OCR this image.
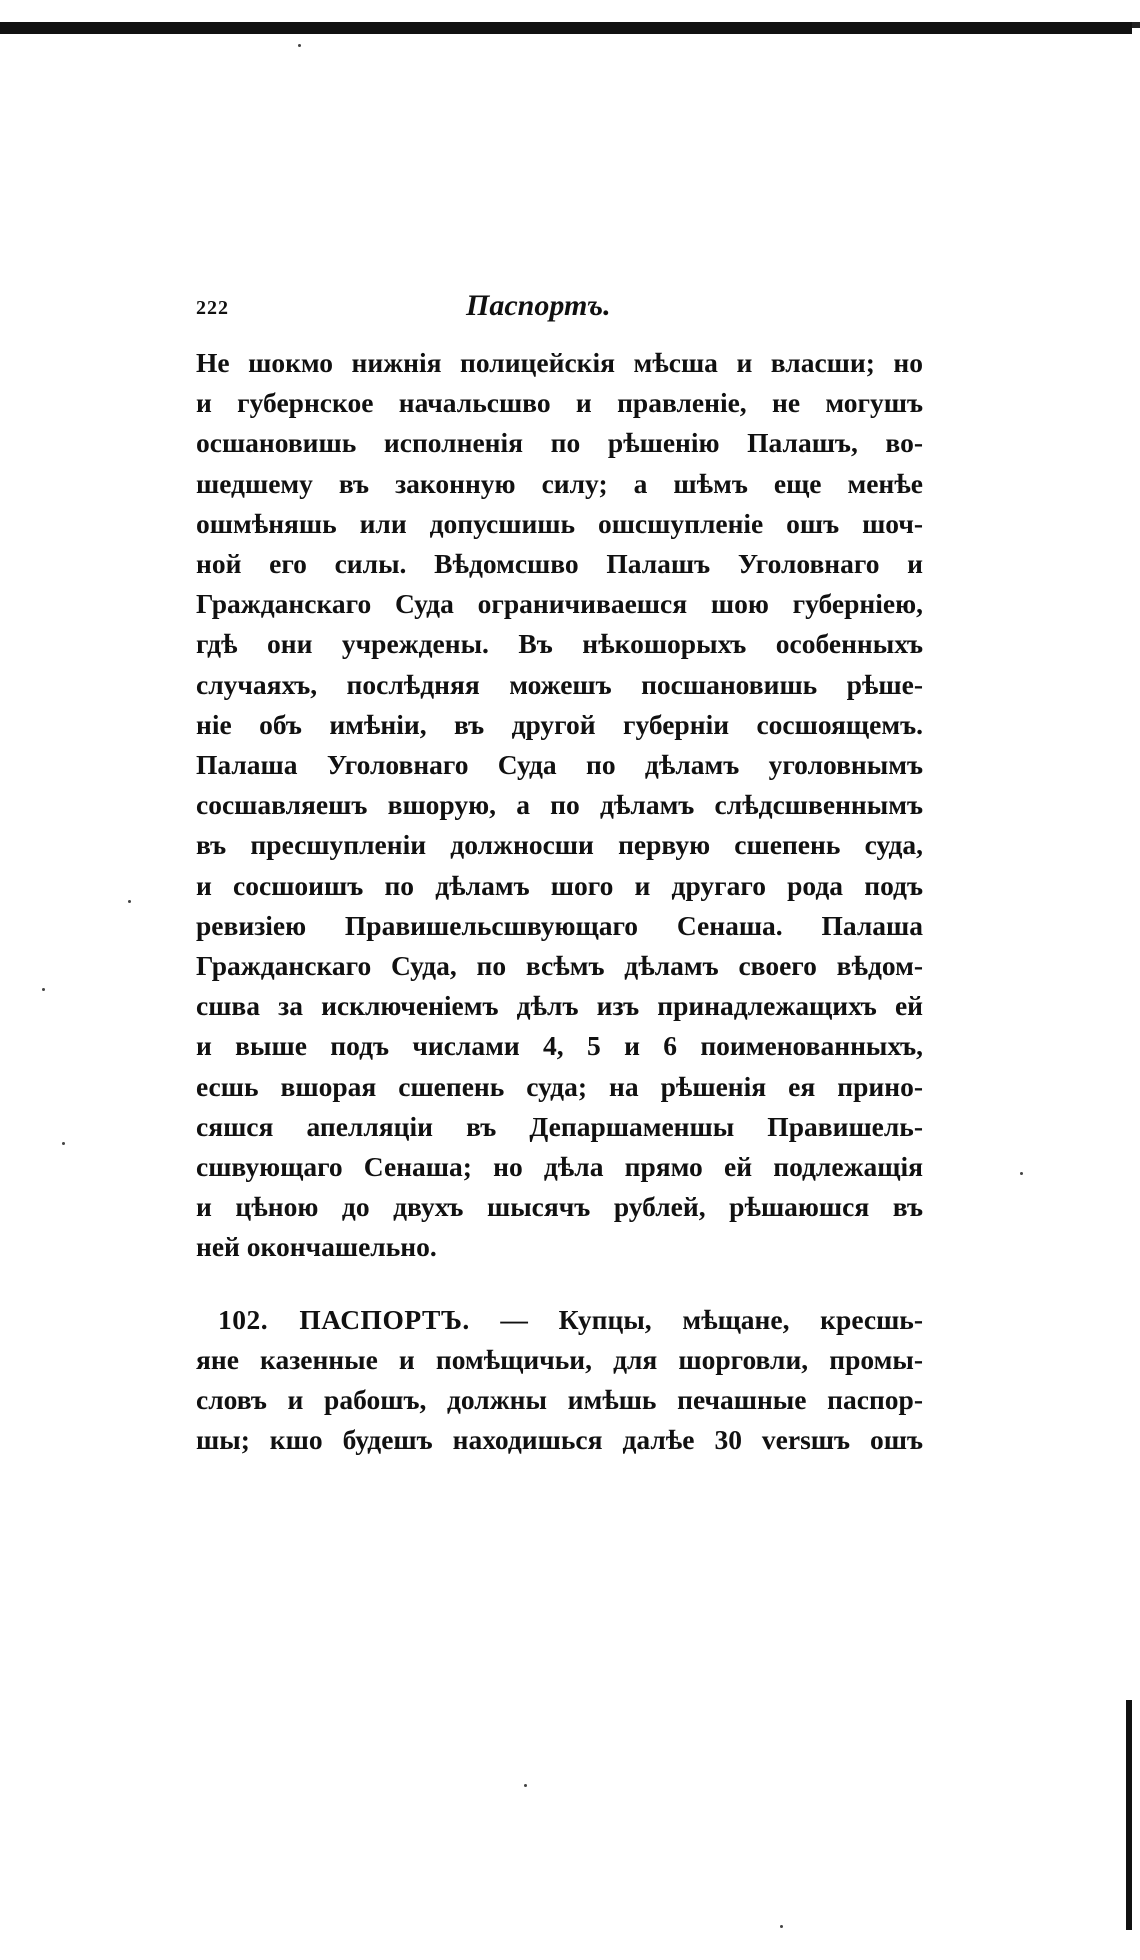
222	Паспортъ.

Не шокмо нижнія полицейскія мѣсша и власши; но
и губернское начальсшво и правленіе, не могушъ
осшановишь исполненія по рѣшенію Палашъ, во-
шедшему въ законную силу; а шѣмъ еще менѣе
ошмѣняшь или допусшишь ошсшупленіе ошъ шоч-
ной его силы. Вѣдомсшво Палашъ Уголовнаго и
Гражданскаго Суда ограничиваешся шою губерніею,
гдѣ они учреждены. Въ нѣкошорыхъ особенныхъ
случаяхъ, послѣдняя можешъ посшановишь рѣше-
ніе объ имѣніи, въ другой губерніи сосшоящемъ.
Палаша Уголовнаго Суда по дѣламъ уголовнымъ
сосшавляешъ вшорую, а по дѣламъ слѣдсшвеннымъ
въ пресшупленіи должносши первую сшепень суда,
и сосшоишъ по дѣламъ шого и другаго рода подъ
ревизіею Правишельсшвующаго Сенаша. Палаша
Гражданскаго Суда, по всѣмъ дѣламъ своего вѣдом-
сшва за исключеніемъ дѣлъ изъ принадлежащихъ ей
и выше подъ числами 4, 5 и 6 поименованныхъ,
есшь вшорая сшепень суда; на рѣшенія ея прино-
сяшся апелляціи въ Депаршаменшы Правишель-
сшвующаго Сенаша; но дѣла прямо ей подлежащія
и цѣною до двухъ шысячъ рублей, рѣшаюшся въ
ней окончашельно.

102. ПАСПОРТЪ. — Купцы, мѣщане, кресшь-
яне казенные и помѣщичьи, для шорговли, промы-
словъ и рабошъ, должны имѣшь печашные паспор-
шы; кшо будешъ находишься далѣе 30 versшъ ошъ
